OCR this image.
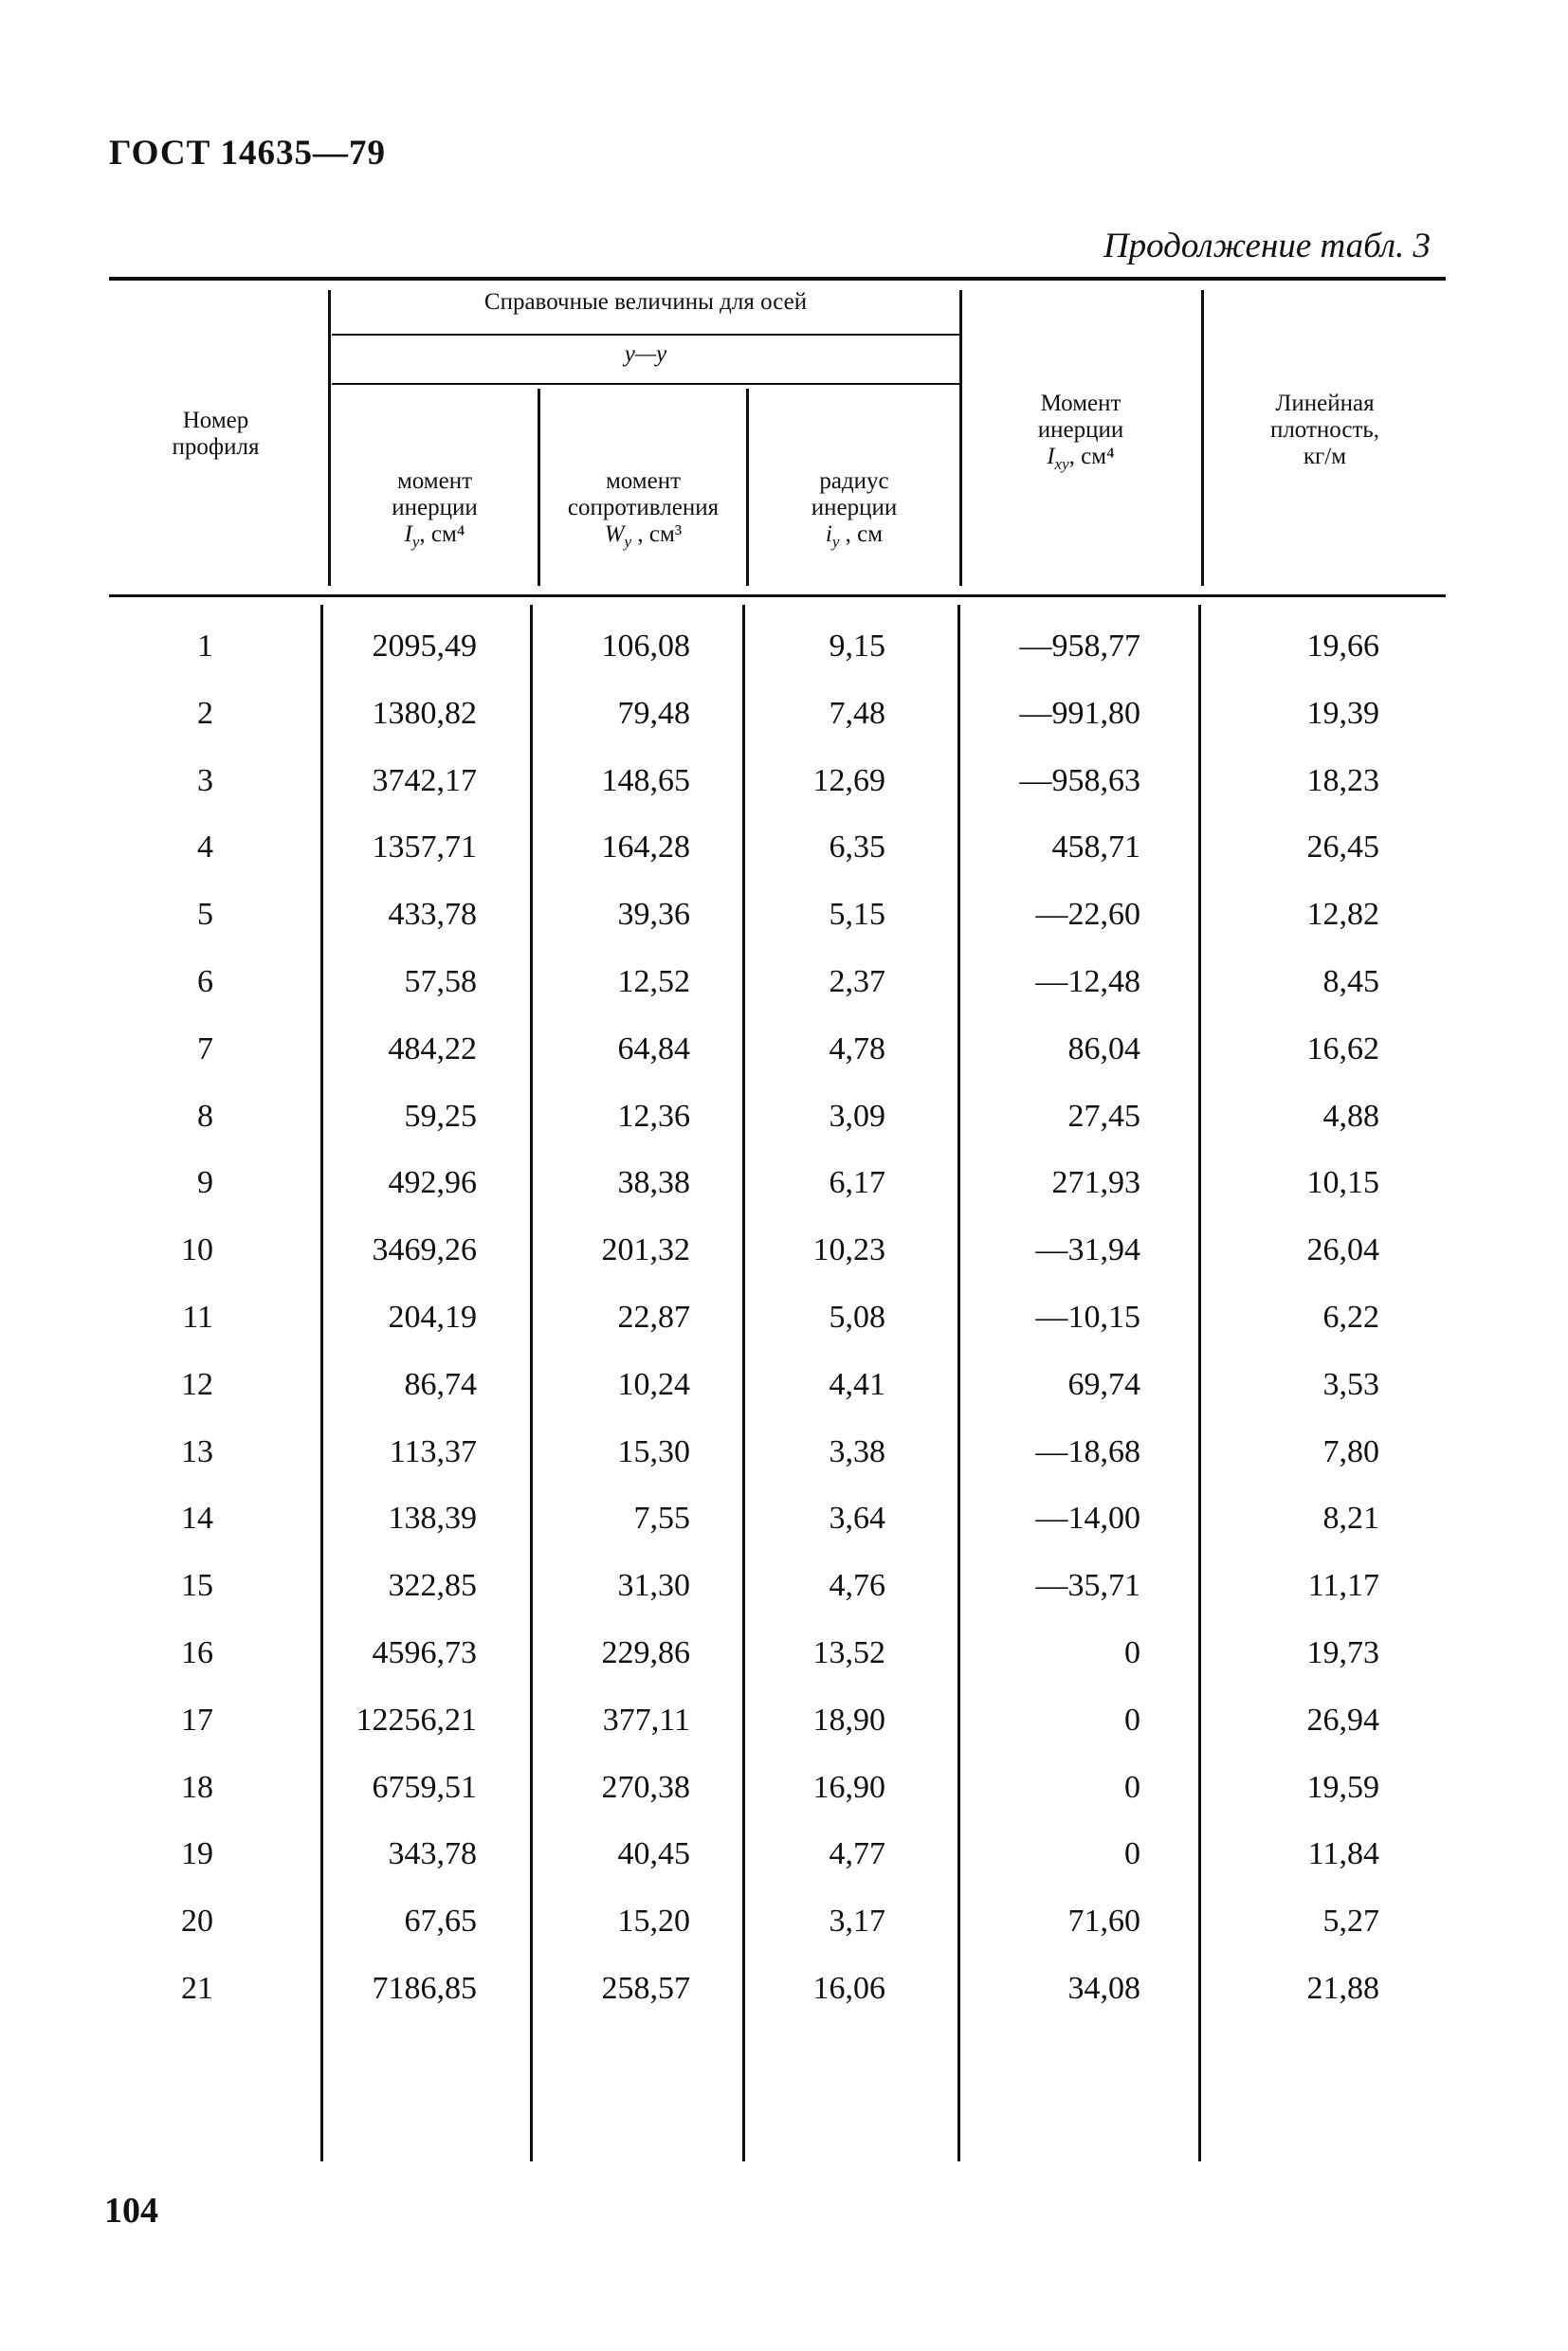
ГОСТ 14635—79
Продолжение табл. 3
Номер
профиля
Справочные величины для осей
y—y
момент
инерции
$I_y$, см⁴
момент
сопротивления
$W_y$ , см³
радиус
инерции
$i_y$ , см
Момент
инерции
$I_{xy}$, см⁴
Линейная
плотность,
кг/м
1	2095,49	106,08	9,15	—958,77	19,66
2	1380,82	79,48	7,48	—991,80	19,39
3	3742,17	148,65	12,69	—958,63	18,23
4	1357,71	164,28	6,35	458,71	26,45
5	433,78	39,36	5,15	—22,60	12,82
6	57,58	12,52	2,37	—12,48	8,45
7	484,22	64,84	4,78	86,04	16,62
8	59,25	12,36	3,09	27,45	4,88
9	492,96	38,38	6,17	271,93	10,15
10	3469,26	201,32	10,23	—31,94	26,04
11	204,19	22,87	5,08	—10,15	6,22
12	86,74	10,24	4,41	69,74	3,53
13	113,37	15,30	3,38	—18,68	7,80
14	138,39	7,55	3,64	—14,00	8,21
15	322,85	31,30	4,76	—35,71	11,17
16	4596,73	229,86	13,52	0	19,73
17	12256,21	377,11	18,90	0	26,94
18	6759,51	270,38	16,90	0	19,59
19	343,78	40,45	4,77	0	11,84
20	67,65	15,20	3,17	71,60	5,27
21	7186,85	258,57	16,06	34,08	21,88
104
